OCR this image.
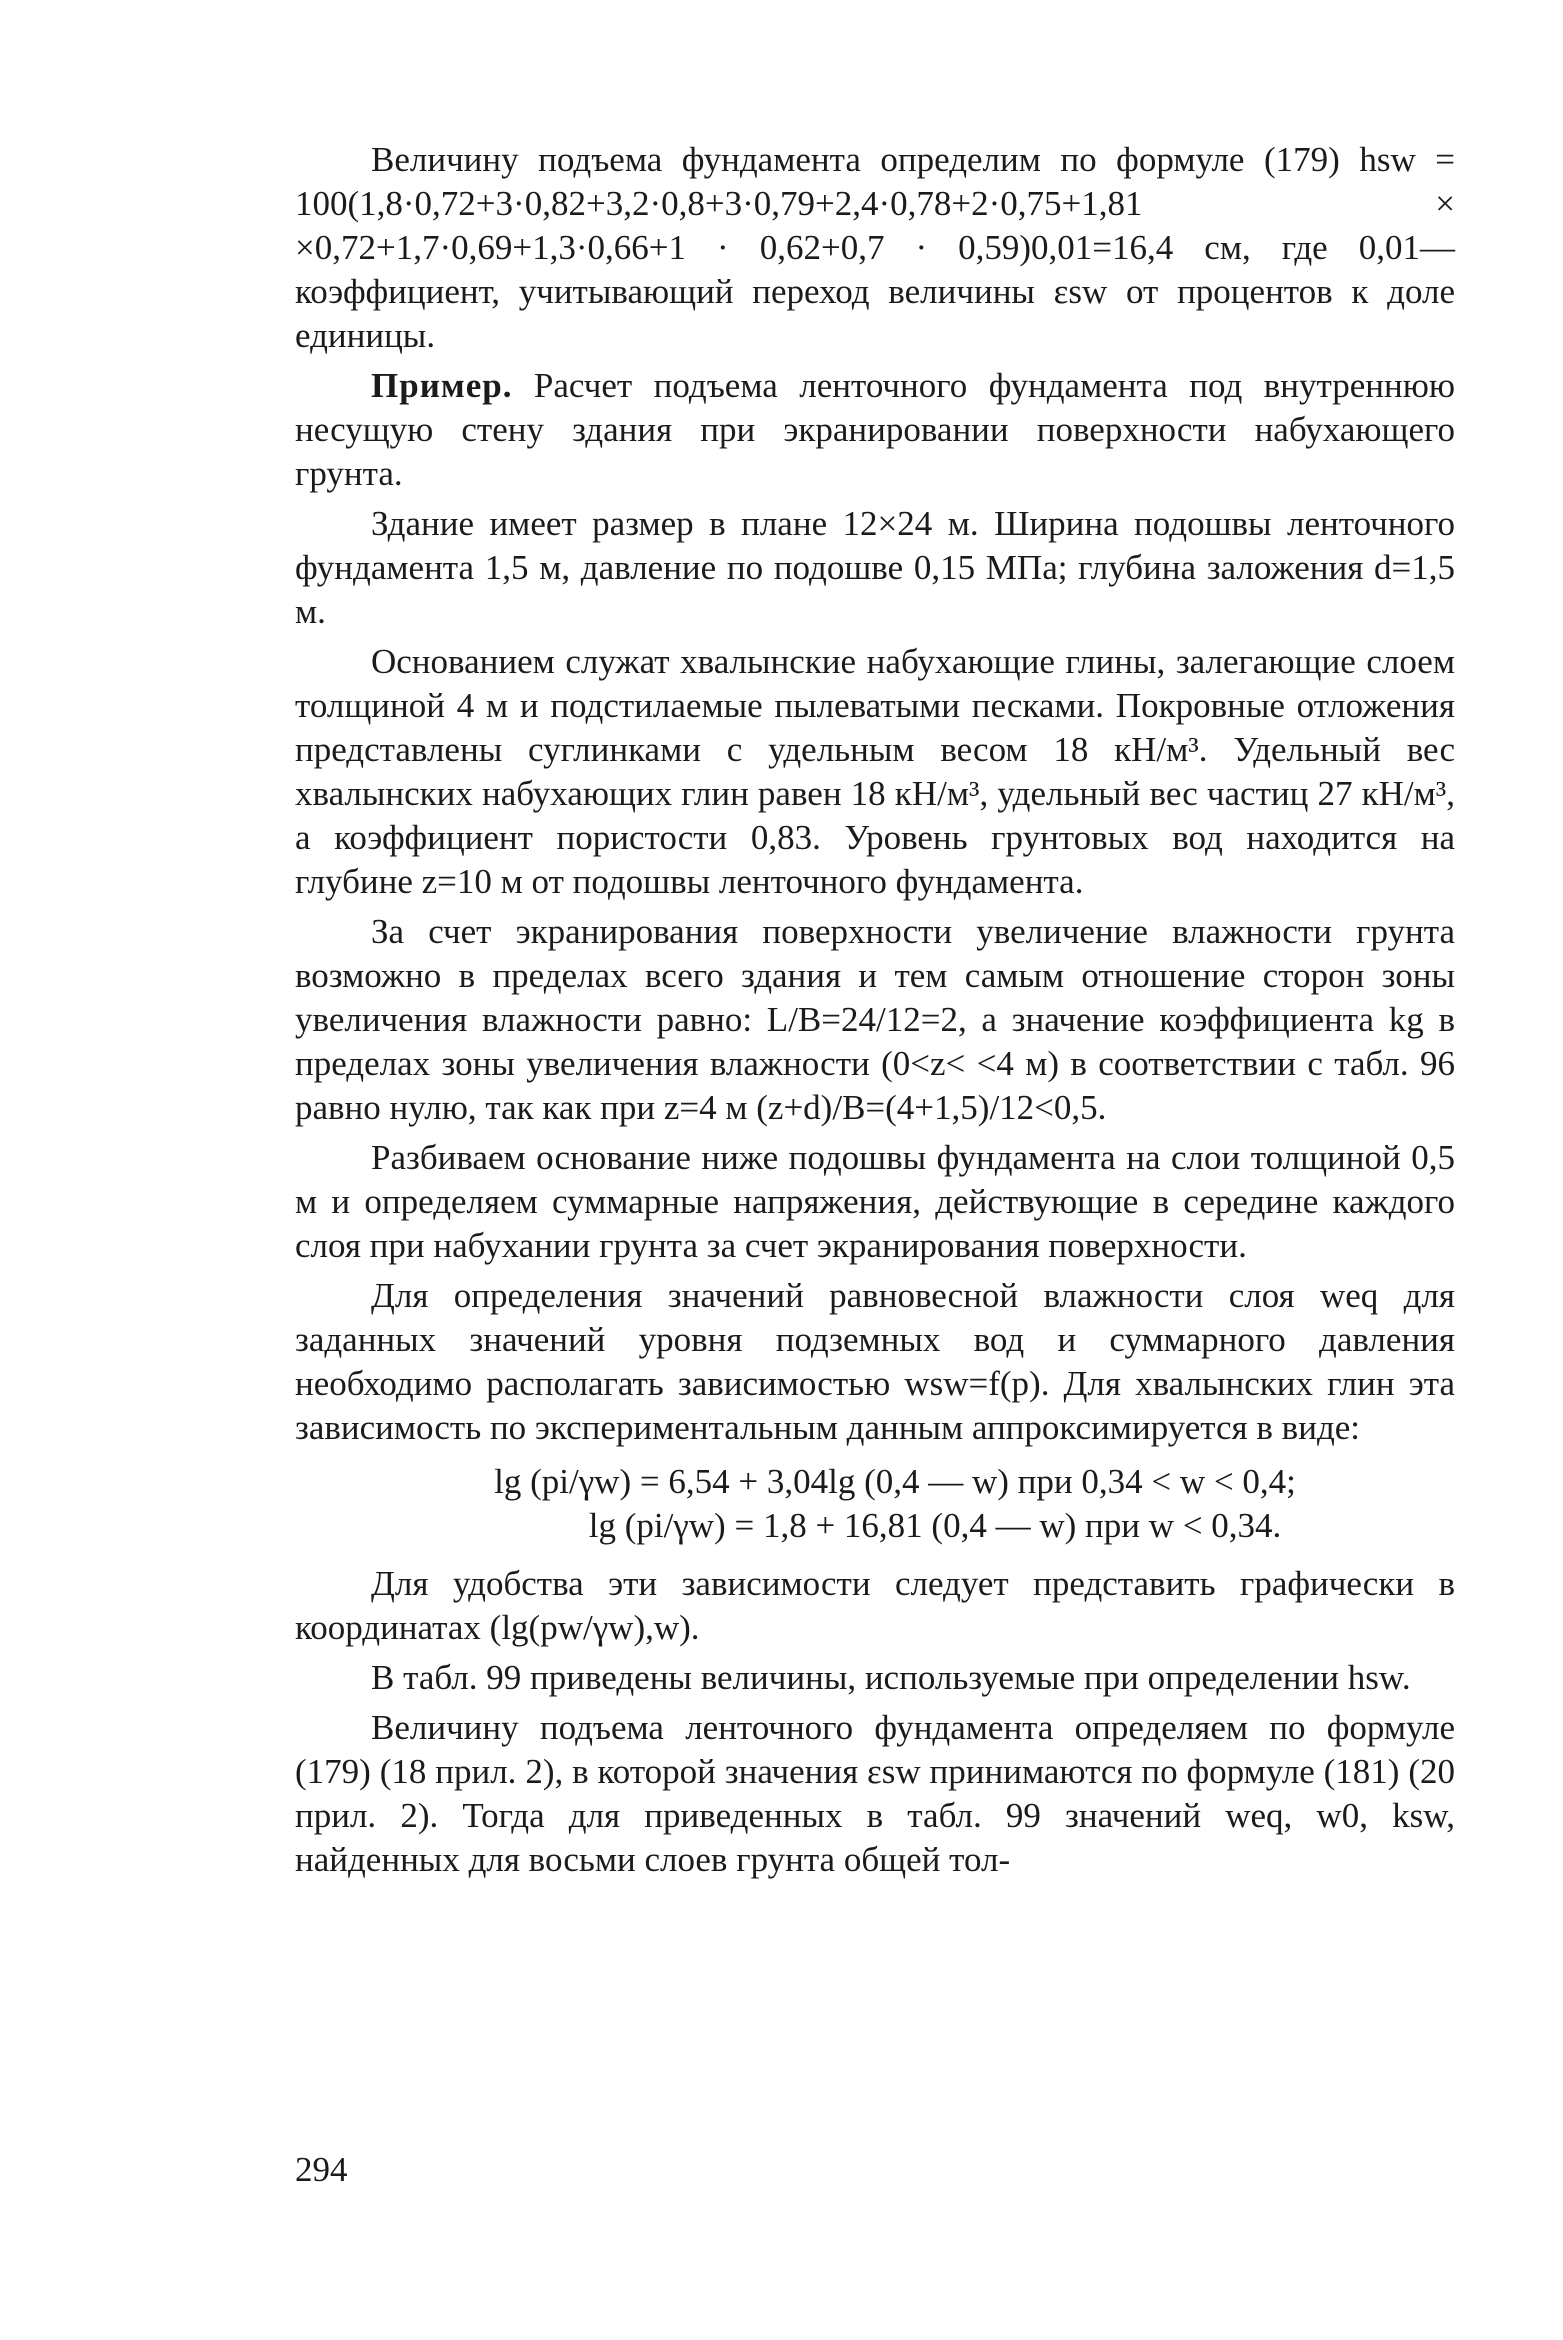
Величину подъема фундамента определим по формуле (179) hsw = 100(1,8·0,72+3·0,82+3,2·0,8+3·0,79+2,4·0,78+2·0,75+1,81 × ×0,72+1,7·0,69+1,3·0,66+1 · 0,62+0,7 · 0,59)0,01=16,4 см, где 0,01— коэффициент, учитывающий переход величины εsw от процентов к доле единицы.

Пример. Расчет подъема ленточного фундамента под внутреннюю несущую стену здания при экранировании поверхности набухающего грунта.

Здание имеет размер в плане 12×24 м. Ширина подошвы ленточного фундамента 1,5 м, давление по подошве 0,15 МПа; глубина заложения d=1,5 м.

Основанием служат хвалынские набухающие глины, залегающие слоем толщиной 4 м и подстилаемые пылеватыми песками. Покровные отложения представлены суглинками с удельным весом 18 кН/м³. Удельный вес хвалынских набухающих глин равен 18 кН/м³, удельный вес частиц 27 кН/м³, а коэффициент пористости 0,83. Уровень грунтовых вод находится на глубине z=10 м от подошвы ленточного фундамента.

За счет экранирования поверхности увеличение влажности грунта возможно в пределах всего здания и тем самым отношение сторон зоны увеличения влажности равно: L/B=24/12=2, а значение коэффициента kg в пределах зоны увеличения влажности (0<z< <4 м) в соответствии с табл. 96 равно нулю, так как при z=4 м (z+d)/B=(4+1,5)/12<0,5.

Разбиваем основание ниже подошвы фундамента на слои толщиной 0,5 м и определяем суммарные напряжения, действующие в середине каждого слоя при набухании грунта за счет экранирования поверхности.

Для определения значений равновесной влажности слоя weq для заданных значений уровня подземных вод и суммарного давления необходимо располагать зависимостью wsw=f(p). Для хвалынских глин эта зависимость по экспериментальным данным аппроксимируется в виде:

lg (pi/γw) = 6,54 + 3,04lg (0,4 — w) при 0,34 < w < 0,4;

lg (pi/γw) = 1,8 + 16,81 (0,4 — w) при w < 0,34.

Для удобства эти зависимости следует представить графически в координатах (lg(pw/γw),w).

В табл. 99 приведены величины, используемые при определении hsw.

Величину подъема ленточного фундамента определяем по формуле (179) (18 прил. 2), в которой значения εsw принимаются по формуле (181) (20 прил. 2). Тогда для приведенных в табл. 99 значений weq, w0, ksw, найденных для восьми слоев грунта общей тол-

294
